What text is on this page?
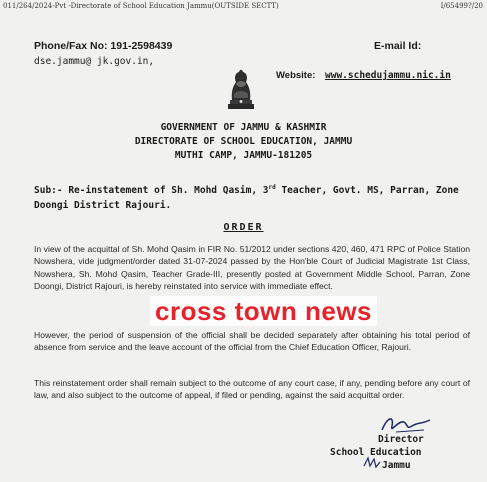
011/264/2024-Pvt -Directorate of School Education Jammu(OUTSIDE SECTT)	I/65499?/20
Phone/Fax No: 191-2598439	E-mail Id:
dse.jammu@ jk.gov.in,
Website: www.schedujammu.nic.in
GOVERNMENT OF JAMMU & KASHMIR
DIRECTORATE OF SCHOOL EDUCATION, JAMMU
MUTHI CAMP, JAMMU-181205
Sub:- Re-instatement of Sh. Mohd Qasim, 3rd Teacher, Govt. MS, Parran, Zone Doongi District Rajouri.
ORDER
In view of the acquittal of Sh. Mohd Qasim in FIR No. 51/2012 under sections 420, 460, 471 RPC of Police Station Nowshera, vide judgment/order dated 31-07-2024 passed by the Hon'ble Court of Judicial Magistrate 1st Class, Nowshera, Sh. Mohd Qasim, Teacher Grade-III, presently posted at Government Middle School, Parran, Zone Doongi, District Rajouri, is hereby reinstated into service with immediate effect.
However, the period of suspension of the official shall be decided separately after obtaining his total period of absence from service and the leave account of the official from the Chief Education Officer, Rajouri.
This reinstatement order shall remain subject to the outcome of any court case, if any, pending before any court of law, and also subject to the outcome of appeal, if filed or pending, against the said acquittal order.
cross town news
Director
School Education
Jammu
